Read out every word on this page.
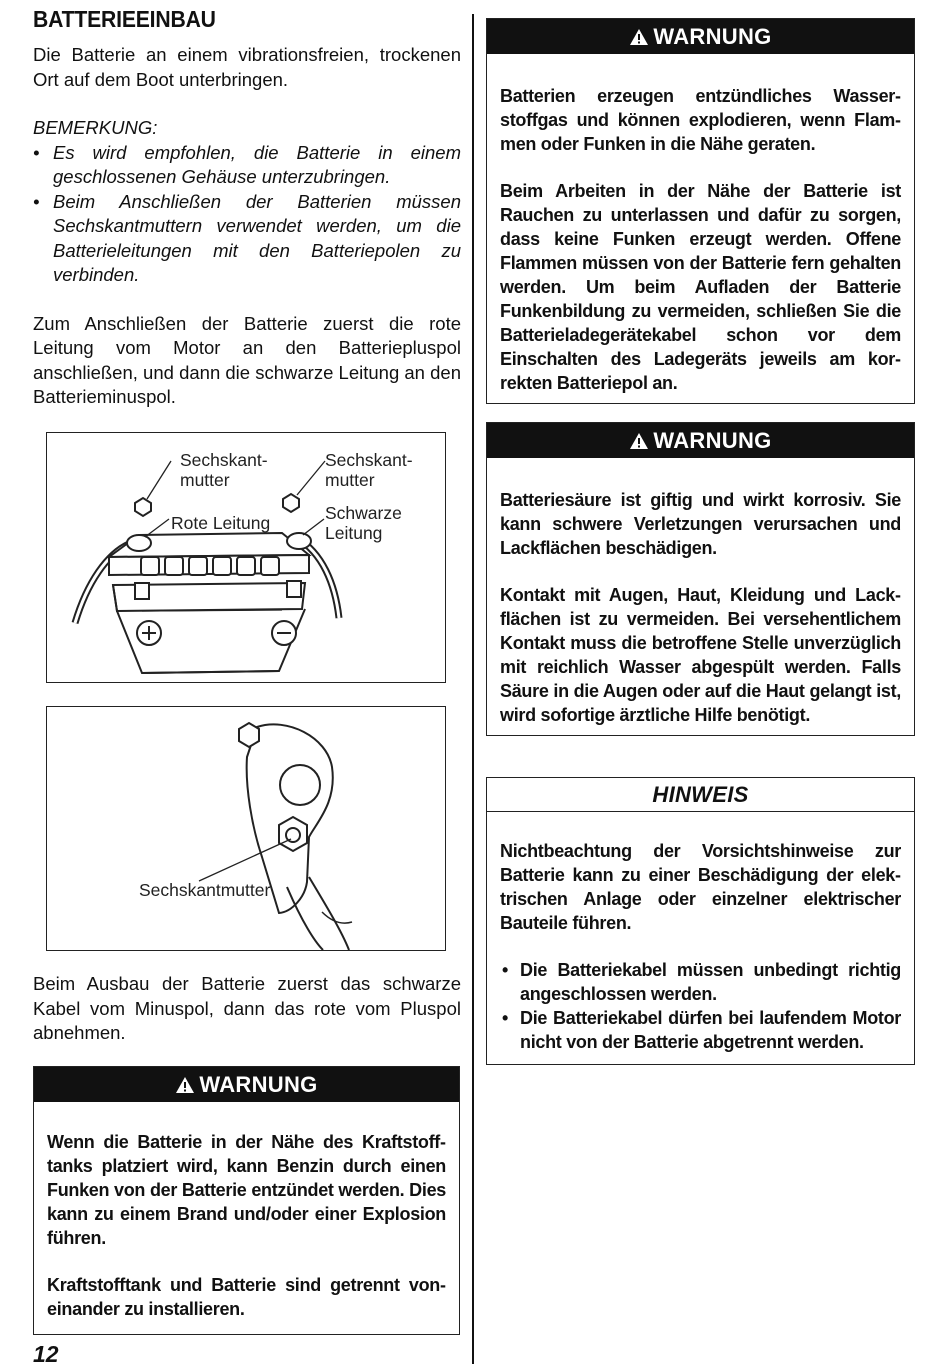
BATTERIEEINBAU

Die Batterie an einem vibrationsfreien, trockenen Ort auf dem Boot unterbringen.

BEMERKUNG:
• Es wird empfohlen, die Batterie in einem geschlossenen Gehäuse unterzubringen.
• Beim Anschließen der Batterien müssen Sechskantmuttern verwendet werden, um die Batterieleitungen mit den Batteriepolen zu verbinden.

Zum Anschließen der Batterie zuerst die rote Leitung vom Motor an den Batteriepluspol anschließen, und dann die schwarze Leitung an den Batterieminuspol.

Sechskant-
mutter
Sechskant-
mutter
Rote Leitung	Schwarze
Leitung
Sechskantmutter

Beim Ausbau der Batterie zuerst das schwarze Kabel vom Minuspol, dann das rote vom Pluspol abnehmen.

WARNUNG

Wenn die Batterie in der Nähe des Kraftstofftanks platziert wird, kann Benzin durch einen Funken von der Batterie entzündet werden. Dies kann zu einem Brand und/oder einer Explosion führen.

Kraftstofftank und Batterie sind getrennt voneinander zu installieren.

WARNUNG

Batterien erzeugen entzündliches Wasserstoffgas und können explodieren, wenn Flammen oder Funken in die Nähe geraten.

Beim Arbeiten in der Nähe der Batterie ist Rauchen zu unterlassen und dafür zu sorgen, dass keine Funken erzeugt werden. Offene Flammen müssen von der Batterie fern gehalten werden. Um beim Aufladen der Batterie Funkenbildung zu vermeiden, schließen Sie die Batterieladegerätekabel schon vor dem Einschalten des Ladegeräts jeweils am korrekten Batteriepol an.

WARNUNG

Batteriesäure ist giftig und wirkt korrosiv. Sie kann schwere Verletzungen verursachen und Lackflächen beschädigen.

Kontakt mit Augen, Haut, Kleidung und Lackflächen ist zu vermeiden. Bei versehentlichem Kontakt muss die betroffene Stelle unverzüglich mit reichlich Wasser abgespült werden. Falls Säure in die Augen oder auf die Haut gelangt ist, wird sofortige ärztliche Hilfe benötigt.

HINWEIS

Nichtbeachtung der Vorsichtshinweise zur Batterie kann zu einer Beschädigung der elektrischen Anlage oder einzelner elektrischer Bauteile führen.

• Die Batteriekabel müssen unbedingt richtig angeschlossen werden.
• Die Batteriekabel dürfen bei laufendem Motor nicht von der Batterie abgetrennt werden.
12
